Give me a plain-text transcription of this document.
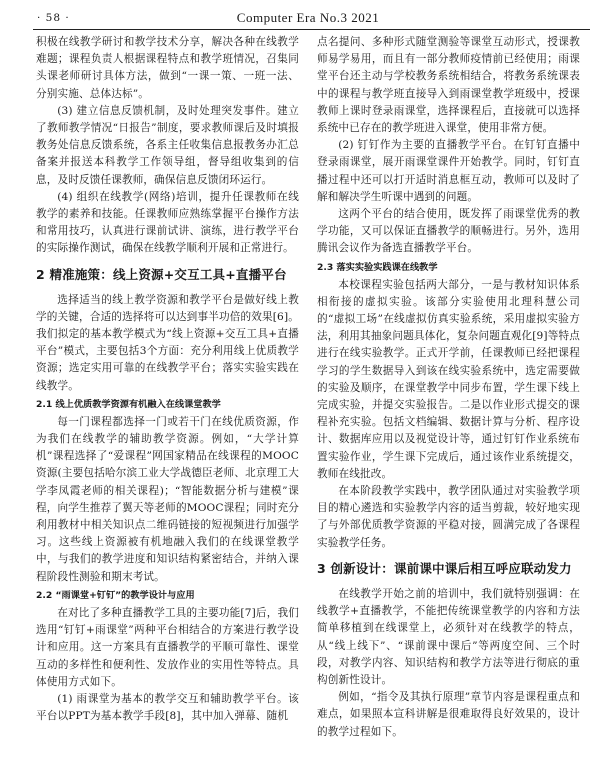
· 58 ·	Computer Era No.3 2021

积极在线教学研讨和教学技术分享，解决各种在线教学难题；课程负责人根据课程特点和教学班情况，召集同头课老师研讨具体方法，做到“一课一策、一班一法、分别实施、总体达标”。

(3) 建立信息反馈机制，及时处理突发事件。建立了教师教学情况“日报告”制度，要求教师课后及时填报教务处信息反馈系统，各系主任收集信息报教务办汇总备案并报送本科教学工作领导组，督导组收集到的信息，及时反馈任课教师，确保信息反馈闭环运行。

(4) 组织在线教学(网络)培训，提升任课教师在线教学的素养和技能。任课教师应熟练掌握平台操作方法和常用技巧，认真进行课前试讲、演练，进行教学平台的实际操作测试，确保在线教学顺利开展和正常进行。

2 精准施策：线上资源+交互工具+直播平台

选择适当的线上教学资源和教学平台是做好线上教学的关键，合适的选择将可以达到事半功倍的效果[6]。我们拟定的基本教学模式为“线上资源+交互工具+直播平台”模式，主要包括3个方面：充分利用线上优质教学资源；选定实用可靠的在线教学平台；落实实验实践在线教学。

2.1 线上优质教学资源有机融入在线课堂教学

每一门课程都选择一门或若干门在线优质资源，作为我们在线教学的辅助教学资源。例如，“大学计算机”课程选择了“爱课程”网国家精品在线课程的MOOC资源(主要包括哈尔滨工业大学战德臣老师、北京理工大学李凤霞老师的相关课程)；“智能数据分析与建模”课程，向学生推荐了翼天等老师的MOOC课程；同时充分利用教材中相关知识点二维码链接的短视频进行加强学习。这些线上资源被有机地融入我们的在线课堂教学中，与我们的教学进度和知识结构紧密结合，并纳入课程阶段性测验和期末考试。

2.2 “雨课堂+钉钉”的教学设计与应用

在对比了多种直播教学工具的主要功能[7]后，我们选用“钉钉+雨课堂”两种平台相结合的方案进行教学设计和应用。这一方案具有直播教学的平顺可靠性、课堂互动的多样性和便利性、发放作业的实用性等特点。具体使用方式如下。

(1) 雨课堂为基本的教学交互和辅助教学平台。该平台以PPT为基本教学手段[8]，其中加入弹幕、随机

点名提问、多种形式随堂测验等课堂互动形式，授课教师易学易用，而且有一部分教师疫情前已经使用；雨课堂平台还主动与学校教务系统相结合，将教务系统课表中的课程与教学班直接导入到雨课堂教学班级中，授课教师上课时登录雨课堂，选择课程后，直接就可以选择系统中已存在的教学班进入课堂，使用非常方便。

(2) 钉钉作为主要的直播教学平台。在钉钉直播中登录雨课堂，展开雨课堂课件开始教学。同时，钉钉直播过程中还可以打开适时消息框互动，教师可以及时了解和解决学生听课中遇到的问题。

这两个平台的结合使用，既发挥了雨课堂优秀的教学功能，又可以保证直播教学的顺畅进行。另外，选用腾讯会议作为备选直播教学平台。

2.3 落实实验实践课在线教学

本校课程实验包括两大部分，一是与教材知识体系相衔接的虚拟实验。该部分实验使用北理科慧公司的“虚拟工场”在线虚拟仿真实验系统，采用虚拟实验方法，利用其抽象问题具体化，复杂问题直观化[9]等特点进行在线实验教学。正式开学前，任课教师已经把课程学习的学生数据导入到该在线实验系统中，选定需要做的实验及顺序，在课堂教学中同步布置，学生课下线上完成实验，并提交实验报告。二是以作业形式提交的课程补充实验。包括文档编辑、数据计算与分析、程序设计、数据库应用以及视觉设计等，通过钉钉作业系统布置实验作业，学生课下完成后，通过该作业系统提交，教师在线批改。

在本阶段教学实践中，教学团队通过对实验教学项目的精心遴选和实验教学内容的适当剪裁，较好地实现了与外部优质教学资源的平稳对接，圆满完成了各课程实验教学任务。

3 创新设计：课前课中课后相互呼应联动发力

在线教学开始之前的培训中，我们就特别强调：在线教学+直播教学，不能把传统课堂教学的内容和方法简单移植到在线课堂上，必须针对在线教学的特点，从“线上线下”、“课前课中课后”等两度空间、三个时段，对教学内容、知识结构和教学方法等进行彻底的重构创新性设计。

例如，“指令及其执行原理”章节内容是课程重点和难点，如果照本宣科讲解是很难取得良好效果的，设计的教学过程如下。
